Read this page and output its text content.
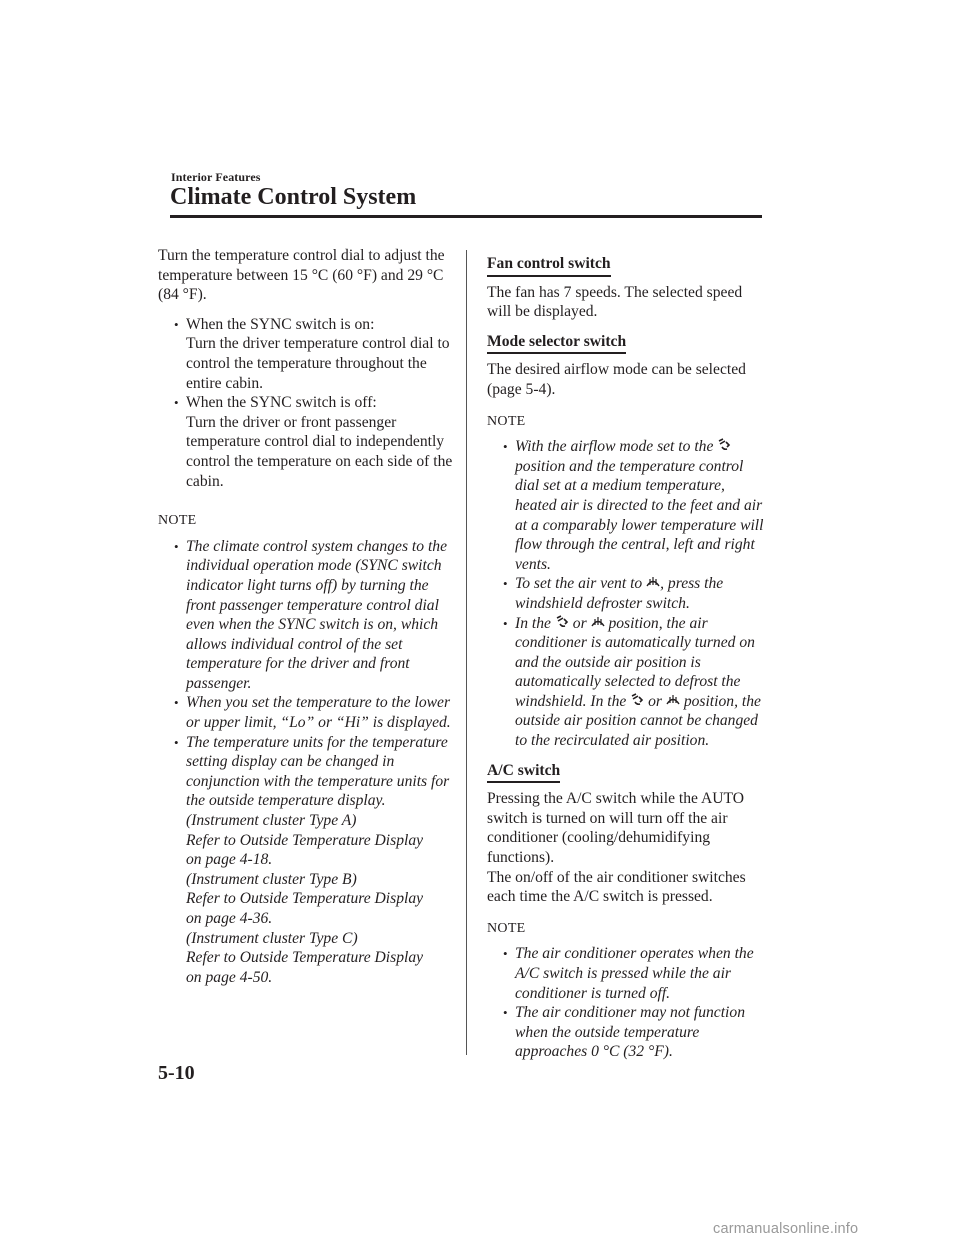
Interior Features
Climate Control System

Turn the temperature control dial to adjust the temperature between 15 °C (60 °F) and 29 °C (84 °F).

• When the SYNC switch is on:
Turn the driver temperature control dial to control the temperature throughout the entire cabin.
• When the SYNC switch is off:
Turn the driver or front passenger temperature control dial to independently control the temperature on each side of the cabin.
NOTE
• The climate control system changes to the individual operation mode (SYNC switch indicator light turns off) by turning the front passenger temperature control dial even when the SYNC switch is on, which allows individual control of the set temperature for the driver and front passenger.
• When you set the temperature to the lower or upper limit, “Lo” or “Hi” is displayed.
• The temperature units for the temperature setting display can be changed in conjunction with the temperature units for the outside temperature display.
(Instrument cluster Type A)
Refer to Outside Temperature Display
on page 4-18.
(Instrument cluster Type B)
Refer to Outside Temperature Display
on page 4-36.
(Instrument cluster Type C)
Refer to Outside Temperature Display
on page 4-50.
Fan control switch

The fan has 7 speeds. The selected speed will be displayed.

Mode selector switch

The desired airflow mode can be selected (page 5-4).

NOTE
• With the airflow mode set to the
position and the temperature control dial set at a medium temperature, heated air is directed to the feet and air at a comparably lower temperature will flow through the central, left and right vents.
• To set the air vent to , press the windshield defroster switch.
• In the or position, the air conditioner is automatically turned on and the outside air position is automatically selected to defrost the windshield. In the or position, the outside air position cannot be changed to the recirculated air position.
A/C switch

Pressing the A/C switch while the AUTO switch is turned on will turn off the air conditioner (cooling/dehumidifying functions).

The on/off of the air conditioner switches each time the A/C switch is pressed.

NOTE
• The air conditioner operates when the A/C switch is pressed while the air conditioner is turned off.
• The air conditioner may not function when the outside temperature approaches 0 °C (32 °F).
5-10
carmanualsonline.info
